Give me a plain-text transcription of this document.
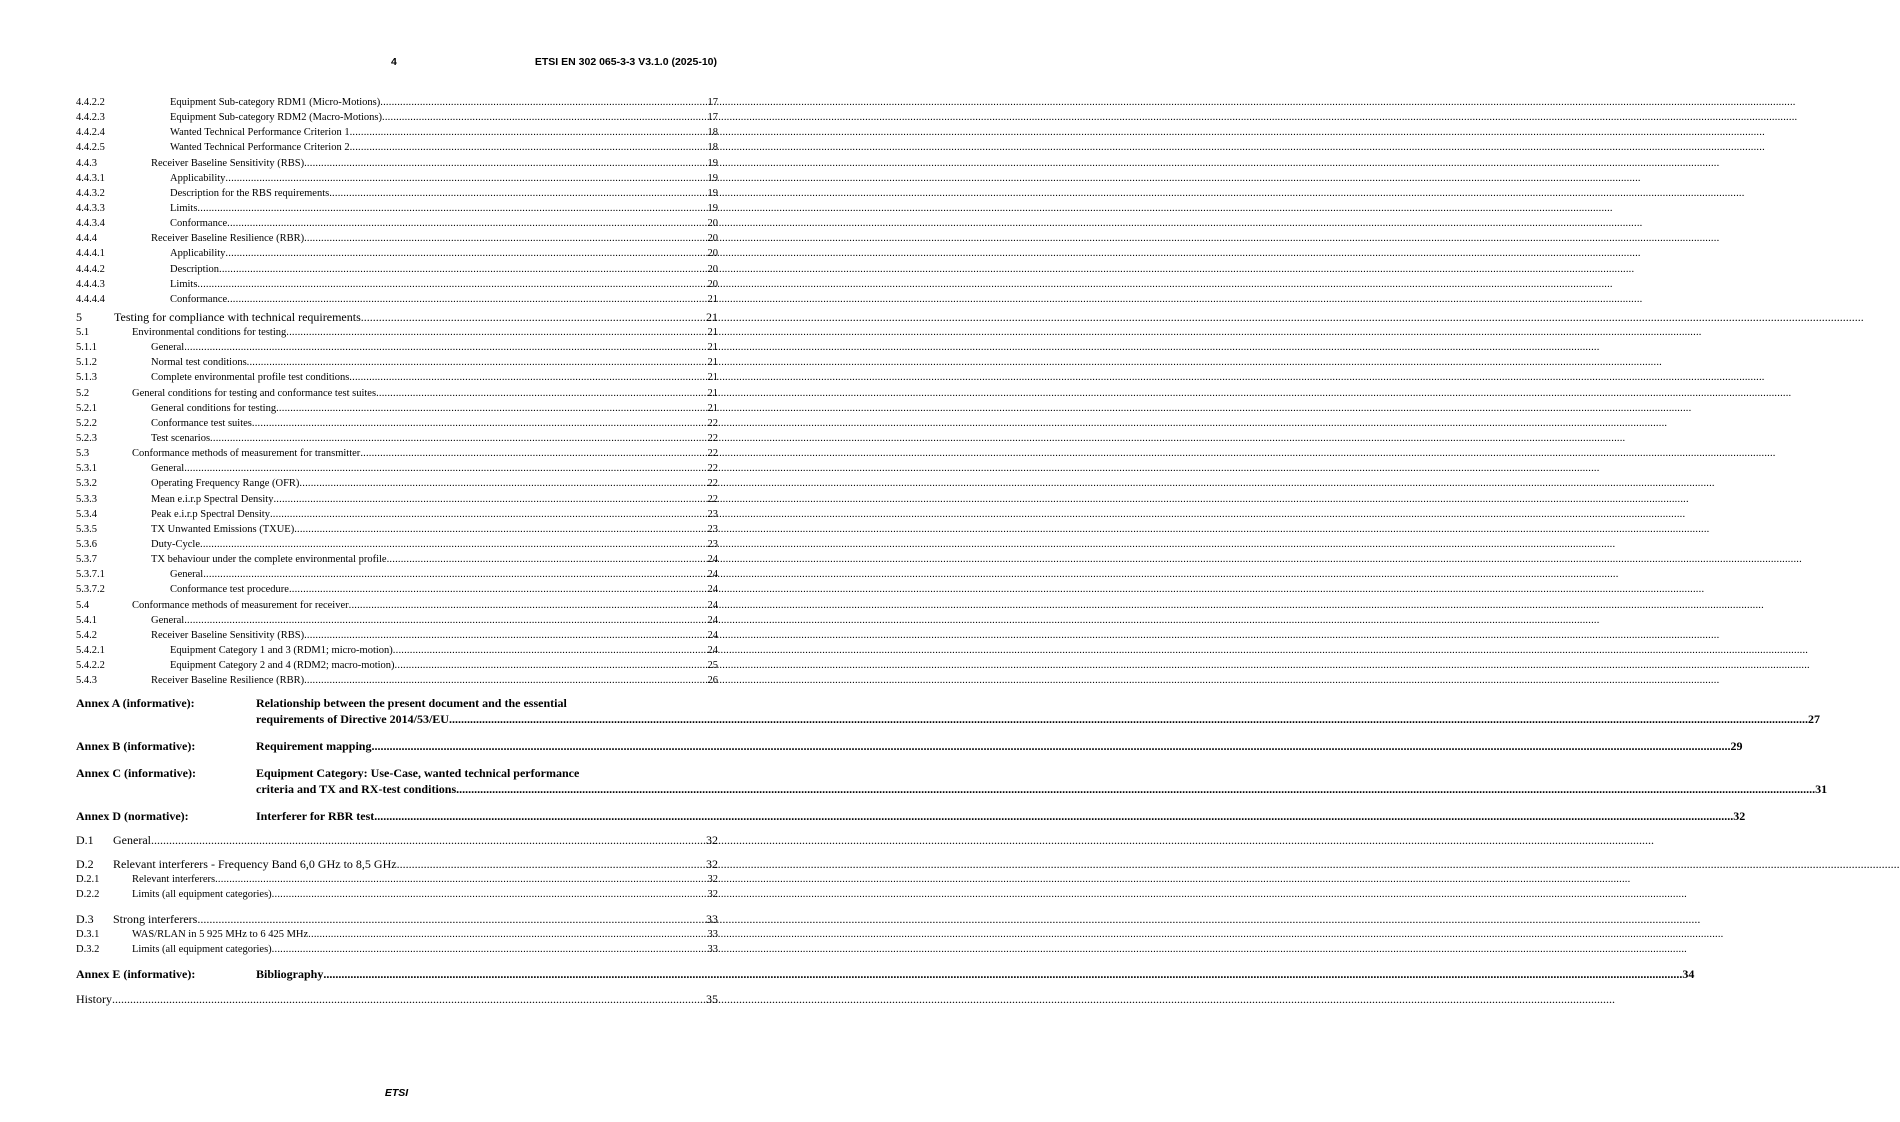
4	ETSI EN 302 065-3-3 V3.1.0 (2025-10)
4.4.2.2	Equipment Sub-category RDM1 (Micro-Motions) .....	17
4.4.2.3	Equipment Sub-category RDM2 (Macro-Motions) .....	17
4.4.2.4	Wanted Technical Performance Criterion 1 .....	18
4.4.2.5	Wanted Technical Performance Criterion 2 .....	18
4.4.3	Receiver Baseline Sensitivity (RBS) .....	19
4.4.3.1	Applicability .....	19
4.4.3.2	Description for the RBS requirements .....	19
4.4.3.3	Limits .....	19
4.4.3.4	Conformance .....	20
4.4.4	Receiver Baseline Resilience (RBR) .....	20
4.4.4.1	Applicability .....	20
4.4.4.2	Description .....	20
4.4.4.3	Limits .....	20
4.4.4.4	Conformance .....	21
5	Testing for compliance with technical requirements .....	21
5.1	Environmental conditions for testing .....	21
5.1.1	General .....	21
5.1.2	Normal test conditions .....	21
5.1.3	Complete environmental profile test conditions .....	21
5.2	General conditions for testing and conformance test suites .....	21
5.2.1	General conditions for testing .....	21
5.2.2	Conformance test suites .....	22
5.2.3	Test scenarios .....	22
5.3	Conformance methods of measurement for transmitter .....	22
5.3.1	General .....	22
5.3.2	Operating Frequency Range (OFR) .....	22
5.3.3	Mean e.i.r.p Spectral Density .....	22
5.3.4	Peak e.i.r.p Spectral Density .....	23
5.3.5	TX Unwanted Emissions (TXUE) .....	23
5.3.6	Duty-Cycle .....	23
5.3.7	TX behaviour under the complete environmental profile .....	24
5.3.7.1	General .....	24
5.3.7.2	Conformance test procedure .....	24
5.4	Conformance methods of measurement for receiver .....	24
5.4.1	General .....	24
5.4.2	Receiver Baseline Sensitivity (RBS) .....	24
5.4.2.1	Equipment Category 1 and 3 (RDM1; micro-motion) .....	24
5.4.2.2	Equipment Category 2 and 4 (RDM2; macro-motion) .....	25
5.4.3	Receiver Baseline Resilience (RBR) .....	26
Annex A (informative):	Relationship between the present document and the essential
requirements of Directive 2014/53/EU .....	27
Annex B (informative):	Requirement mapping .....	29
Annex C (informative):	Equipment Category: Use-Case, wanted technical performance
criteria and TX and RX-test conditions .....	31
Annex D (normative):	Interferer for RBR test .....	32
D.1 General .....	32
D.2 Relevant interferers - Frequency Band 6,0 GHz to 8,5 GHz .....	32
D.2.1	Relevant interferers .....	32
D.2.2	Limits (all equipment categories) .....	32
D.3 Strong interferers .....	33
D.3.1	WAS/RLAN in 5 925 MHz to 6 425 MHz .....	33
D.3.2	Limits (all equipment categories) .....	33
Annex E (informative):	Bibliography .....	34
History .....	35
ETSI
